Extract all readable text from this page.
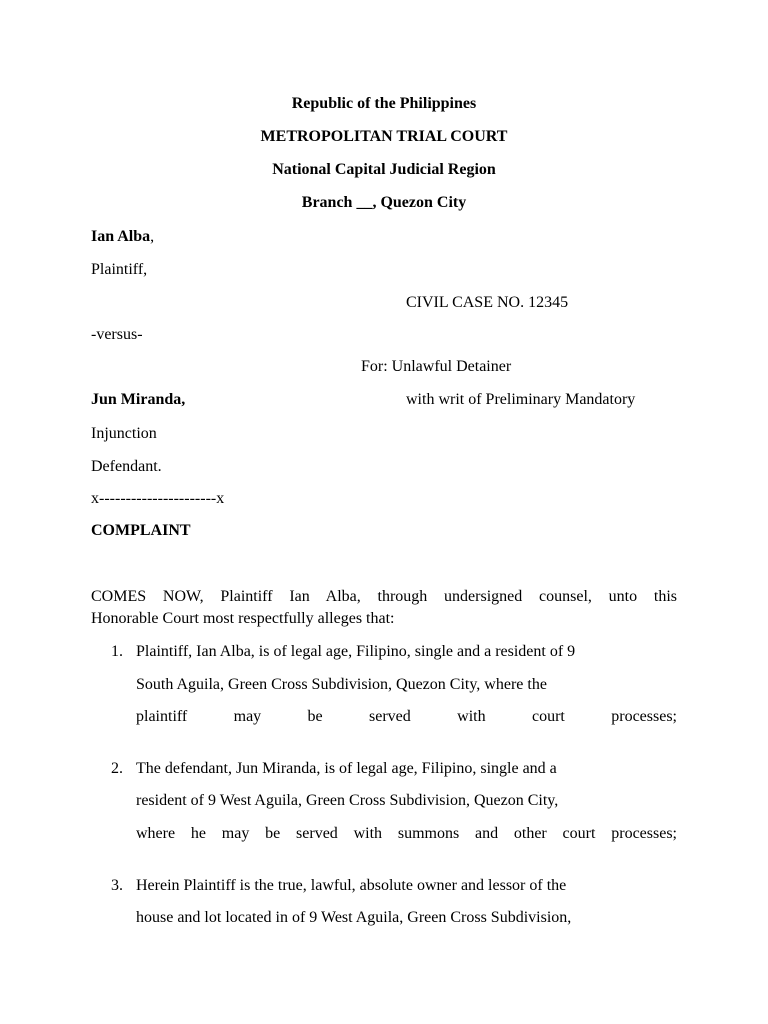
Republic of the Philippines
METROPOLITAN TRIAL COURT
National Capital Judicial Region
Branch __, Quezon City
Ian Alba,
Plaintiff,
CIVIL CASE NO. 12345
-versus-
For: Unlawful Detainer
Jun Miranda,	with writ of Preliminary Mandatory
Injunction
Defendant.
x----------------------x
COMPLAINT
COMES NOW, Plaintiff Ian Alba, through undersigned counsel, unto this
Honorable Court most respectfully alleges that:
1. Plaintiff, Ian Alba, is of legal age, Filipino, single and a resident of 9
South Aguila, Green Cross Subdivision, Quezon City, where the
plaintiff may be served with court processes;
2. The defendant, Jun Miranda, is of legal age, Filipino, single and a
resident of 9 West Aguila, Green Cross Subdivision, Quezon City,
where he may be served with summons and other court processes;
3. Herein Plaintiff is the true, lawful, absolute owner and lessor of the
house and lot located in of 9 West Aguila, Green Cross Subdivision,
